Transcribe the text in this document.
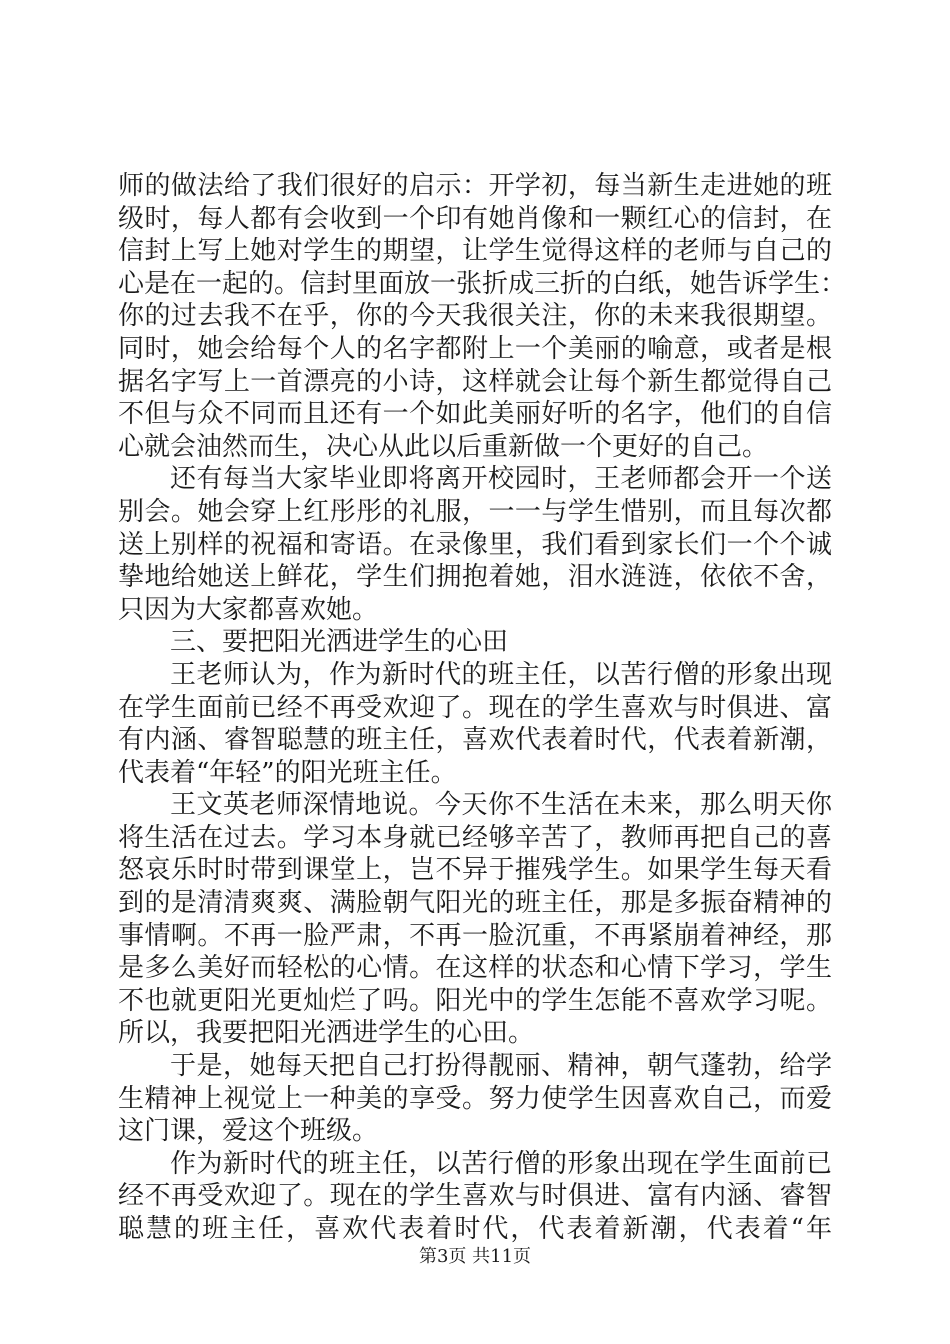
师的做法给了我们很好的启示：开学初，每当新生走进她的班
级时，每人都有会收到一个印有她肖像和一颗红心的信封，在
信封上写上她对学生的期望，让学生觉得这样的老师与自己的
心是在一起的。信封里面放一张折成三折的白纸，她告诉学生：
你的过去我不在乎，你的今天我很关注，你的未来我很期望。
同时，她会给每个人的名字都附上一个美丽的喻意，或者是根
据名字写上一首漂亮的小诗，这样就会让每个新生都觉得自己
不但与众不同而且还有一个如此美丽好听的名字，他们的自信
心就会油然而生，决心从此以后重新做一个更好的自己。
还有每当大家毕业即将离开校园时，王老师都会开一个送
别会。她会穿上红彤彤的礼服，一一与学生惜别，而且每次都
送上别样的祝福和寄语。在录像里，我们看到家长们一个个诚
挚地给她送上鲜花，学生们拥抱着她，泪水涟涟，依依不舍，
只因为大家都喜欢她。
三、要把阳光洒进学生的心田
王老师认为，作为新时代的班主任，以苦行僧的形象出现
在学生面前已经不再受欢迎了。现在的学生喜欢与时俱进、富
有内涵、睿智聪慧的班主任，喜欢代表着时代，代表着新潮，
代表着“年轻”的阳光班主任。
王文英老师深情地说。今天你不生活在未来，那么明天你
将生活在过去。学习本身就已经够辛苦了，教师再把自己的喜
怒哀乐时时带到课堂上，岂不异于摧残学生。如果学生每天看
到的是清清爽爽、满脸朝气阳光的班主任，那是多振奋精神的
事情啊。不再一脸严肃，不再一脸沉重，不再紧崩着神经，那
是多么美好而轻松的心情。在这样的状态和心情下学习，学生
不也就更阳光更灿烂了吗。阳光中的学生怎能不喜欢学习呢。
所以，我要把阳光洒进学生的心田。
于是，她每天把自己打扮得靓丽、精神，朝气蓬勃，给学
生精神上视觉上一种美的享受。努力使学生因喜欢自己，而爱
这门课，爱这个班级。
作为新时代的班主任，以苦行僧的形象出现在学生面前已
经不再受欢迎了。现在的学生喜欢与时俱进、富有内涵、睿智
聪慧的班主任，喜欢代表着时代，代表着新潮，代表着“年
第3页 共11页
